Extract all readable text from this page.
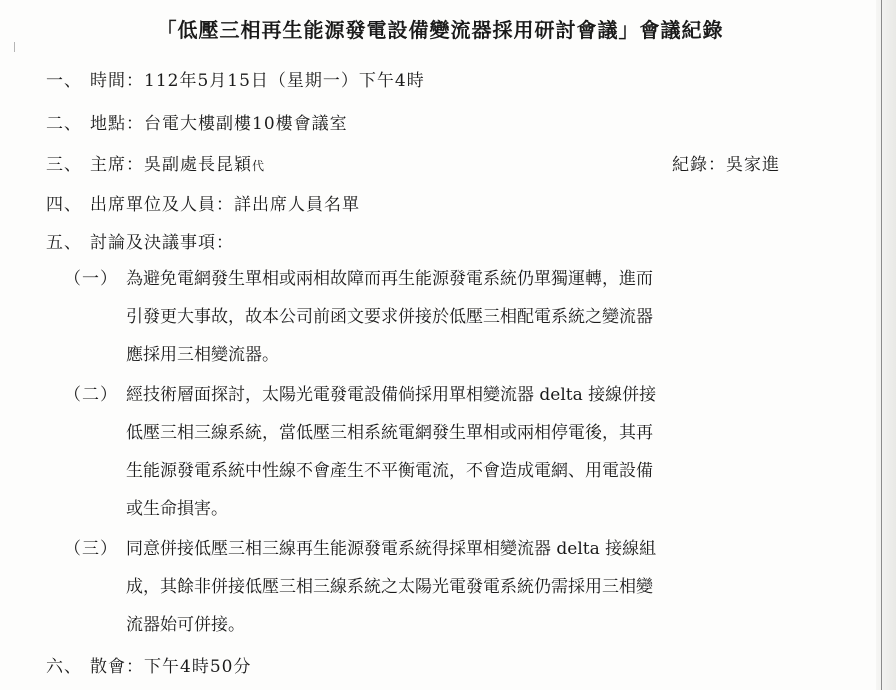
「低壓三相再生能源發電設備變流器採用研討會議」會議紀錄
一、 時間：112年5月15日（星期一）下午4時
二、 地點：台電大樓副樓10樓會議室
三、 主席：吳副處長昆穎代	紀錄：吳家進
四、 出席單位及人員：詳出席人員名單
五、 討論及決議事項：
（一） 為避免電網發生單相或兩相故障而再生能源發電系統仍單獨運轉，進而
引發更大事故，故本公司前函文要求併接於低壓三相配電系統之變流器
應採用三相變流器。
（二） 經技術層面探討，太陽光電發電設備倘採用單相變流器 delta 接線併接
低壓三相三線系統，當低壓三相系統電網發生單相或兩相停電後，其再
生能源發電系統中性線不會產生不平衡電流，不會造成電網、用電設備
或生命損害。
（三） 同意併接低壓三相三線再生能源發電系統得採單相變流器 delta 接線組
成，其餘非併接低壓三相三線系統之太陽光電發電系統仍需採用三相變
流器始可併接。
六、 散會：下午4時50分
